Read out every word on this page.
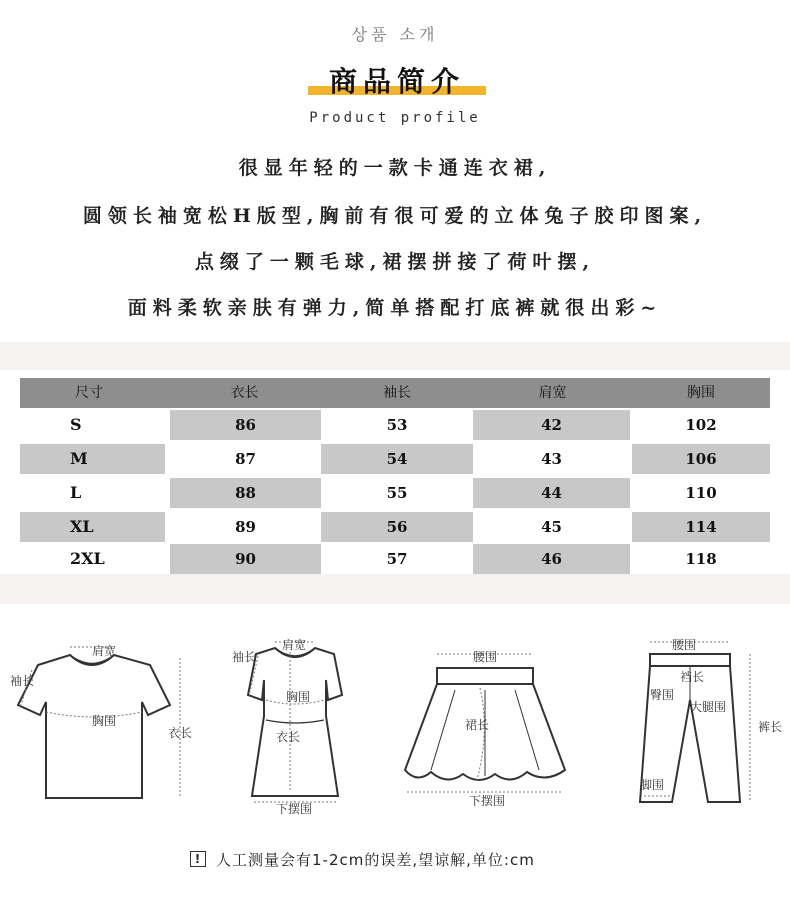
상품 소개
商品简介
Product profile
很显年轻的一款卡通连衣裙,
圆领长袖宽松H版型,胸前有很可爱的立体兔子胶印图案,
点缀了一颗毛球,裙摆拼接了荷叶摆,
面料柔软亲肤有弹力,简单搭配打底裤就很出彩~
尺寸	衣长	袖长	肩宽	胸围
S	86	53	42	102
M	87	54	43	106
L	88	55	44	110
XL	89	56	45	114
2XL	90	57	46	118
肩宽
袖长
胸围
衣长
袖长
肩宽
胸围
衣长
下摆围
腰围
裙长
下摆围
腰围
裆长
臀围
大腿围
裤长
脚围
! 人工测量会有1-2cm的误差,望谅解,单位:cm
